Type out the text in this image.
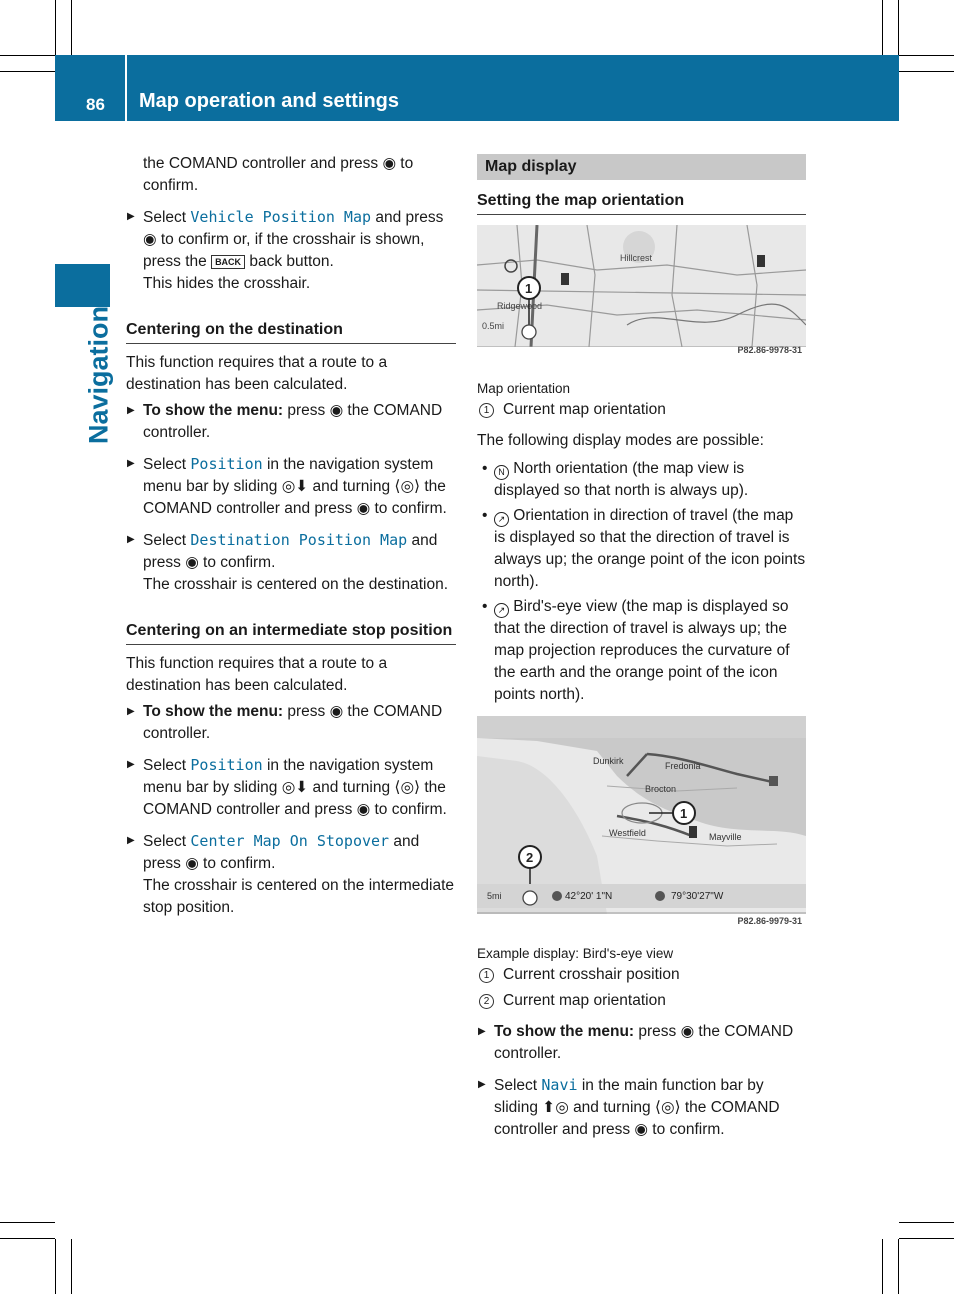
86 Map operation and settings
Navigation

the COMAND controller and press ◉ to confirm.

▶ Select Vehicle Position Map and press ◉ to confirm or, if the crosshair is shown, press the BACK back button.

This hides the crosshair.

Centering on the destination

This function requires that a route to a destination has been calculated.

▶ To show the menu: press ◉ the COMAND controller.
▶ Select Position in the navigation system menu bar by sliding ◎⬇ and turning ⟨◎⟩ the COMAND controller and press ◉ to confirm.
▶ Select Destination Position Map and press ◉ to confirm.

The crosshair is centered on the destination.

Centering on an intermediate stop position

This function requires that a route to a destination has been calculated.

▶ To show the menu: press ◉ the COMAND controller.
▶ Select Position in the navigation system menu bar by sliding ◎⬇ and turning ⟨◎⟩ the COMAND controller and press ◉ to confirm.
▶ Select Center Map On Stopover and press ◉ to confirm.

The crosshair is centered on the intermediate stop position.

Map display
Setting the map orientation
Hillcrest
Ridgewood
0.5mi
1
P82.86-9978-31

Map orientation

1 Current map orientation

The following display modes are possible:

• N North orientation (the map view is displayed so that north is always up).
• ↗ Orientation in direction of travel (the map is displayed so that the direction of travel is always up; the orange point of the icon points north).
• ↗ Bird's-eye view (the map is displayed so that the direction of travel is always up; the map projection reproduces the curvature of the earth and the orange point of the icon points north).
Dunkirk	Fredonia
Brocton
Westfield	Mayville
1
2
5mi	42°20' 1"N	79°30'27"W
P82.86-9979-31

Example display: Bird's-eye view

1 Current crosshair position
2 Current map orientation
▶ To show the menu: press ◉ the COMAND controller.
▶ Select Navi in the main function bar by sliding ⬆◎ and turning ⟨◎⟩ the COMAND controller and press ◉ to confirm.
